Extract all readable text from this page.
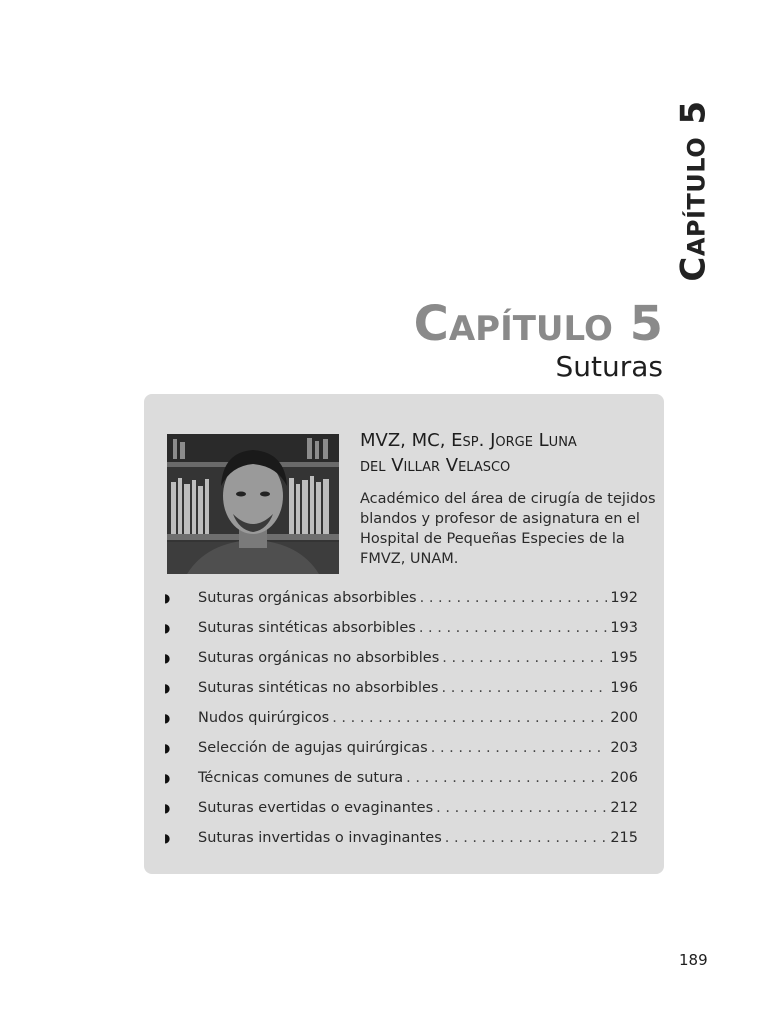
Capítulo 5
Capítulo 5
Suturas
MVZ, MC, Esp. Jorge Luna
del Villar Velasco
Académico del área de cirugía de tejidos blandos y profesor de asignatura en el Hospital de Pequeñas Especies de la FMVZ, UNAM.
◗	Suturas orgánicas absorbibles . . .	192
◗	Suturas sintéticas absorbibles . . .	193
◗	Suturas orgánicas no absorbibles . . .	195
◗	Suturas sintéticas no absorbibles . . .	196
◗	Nudos quirúrgicos . . .	200
◗	Selección de agujas quirúrgicas . . .	203
◗	Técnicas comunes de sutura . . .	206
◗	Suturas evertidas o evaginantes . . .	212
◗	Suturas invertidas o invaginantes . . .	215
189
